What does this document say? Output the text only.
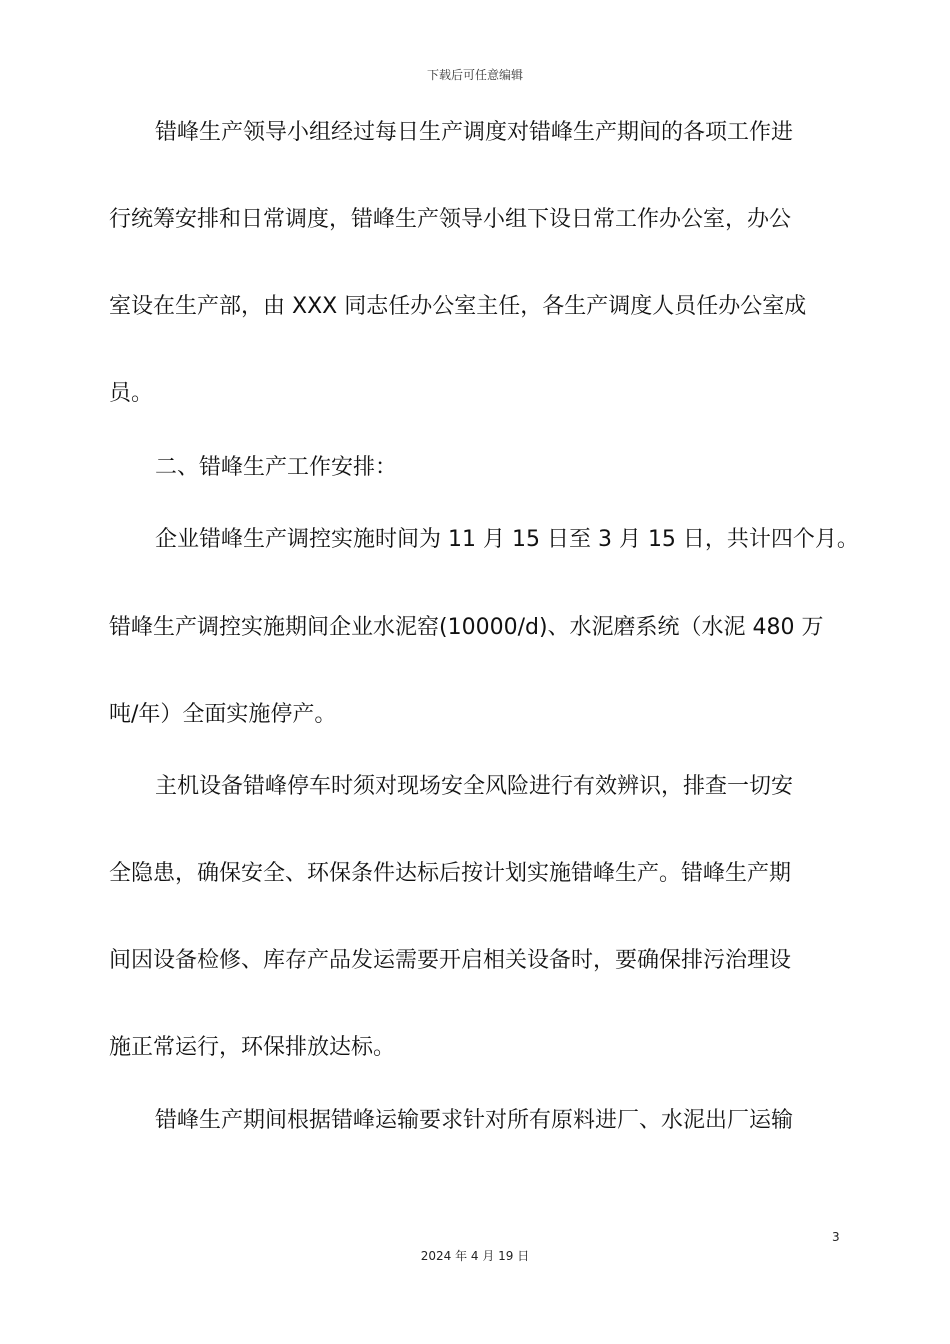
下载后可任意编辑
错峰生产领导小组经过每日生产调度对错峰生产期间的各项工作进
行统筹安排和日常调度，错峰生产领导小组下设日常工作办公室，办公
室设在生产部，由 XXX 同志任办公室主任，各生产调度人员任办公室成
员。
二、错峰生产工作安排：
企业错峰生产调控实施时间为 11 月 15 日至 3 月 15 日，共计四个月。
错峰生产调控实施期间企业水泥窑(10000/d)、水泥磨系统（水泥 480 万
吨/年）全面实施停产。
主机设备错峰停车时须对现场安全风险进行有效辨识，排查一切安
全隐患，确保安全、环保条件达标后按计划实施错峰生产。错峰生产期
间因设备检修、库存产品发运需要开启相关设备时，要确保排污治理设
施正常运行，环保排放达标。
错峰生产期间根据错峰运输要求针对所有原料进厂、水泥出厂运输
3
2024 年 4 月 19 日
